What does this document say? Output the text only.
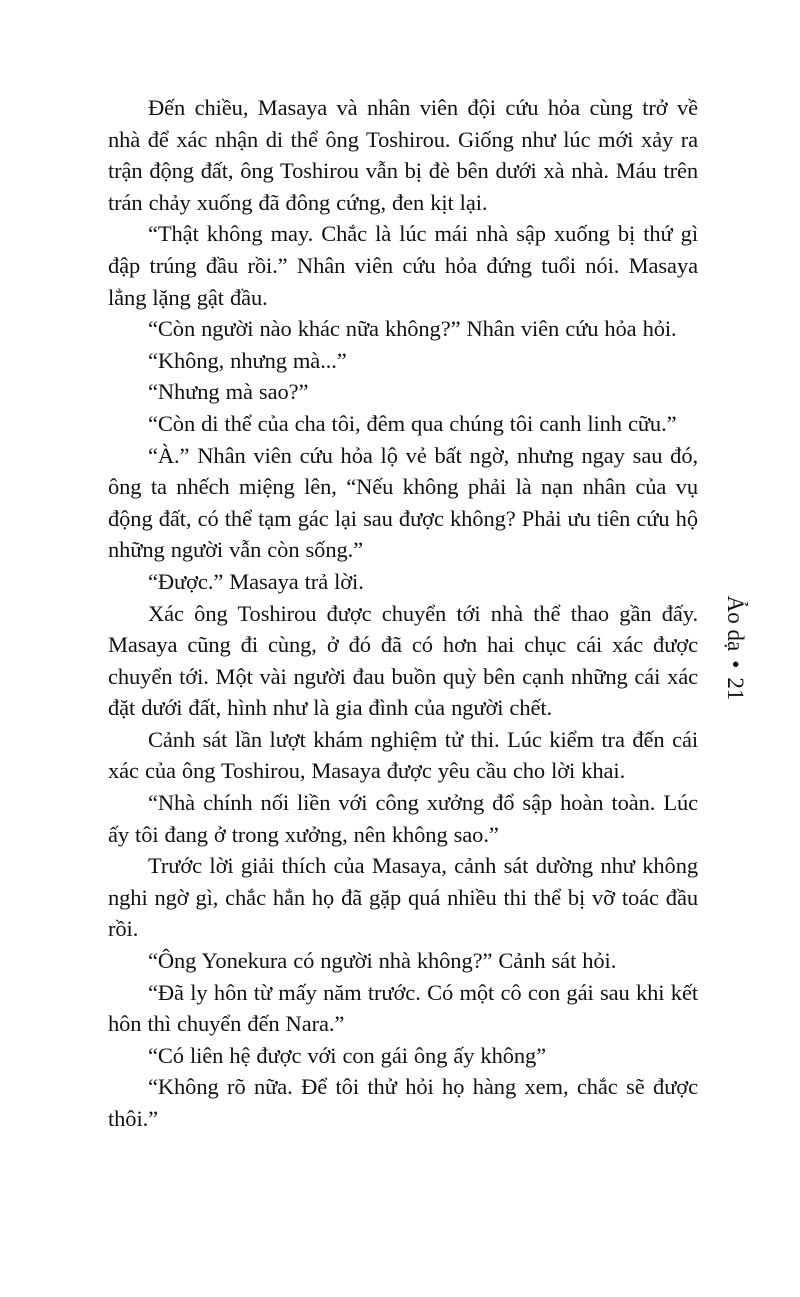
Đến chiều, Masaya và nhân viên đội cứu hỏa cùng trở về nhà để xác nhận di thể ông Toshirou. Giống như lúc mới xảy ra trận động đất, ông Toshirou vẫn bị đè bên dưới xà nhà. Máu trên trán chảy xuống đã đông cứng, đen kịt lại.

“Thật không may. Chắc là lúc mái nhà sập xuống bị thứ gì đập trúng đầu rồi.” Nhân viên cứu hỏa đứng tuổi nói. Masaya lẳng lặng gật đầu.

“Còn người nào khác nữa không?” Nhân viên cứu hỏa hỏi.

“Không, nhưng mà...”

“Nhưng mà sao?”

“Còn di thể của cha tôi, đêm qua chúng tôi canh linh cữu.”

“À.” Nhân viên cứu hỏa lộ vẻ bất ngờ, nhưng ngay sau đó, ông ta nhếch miệng lên, “Nếu không phải là nạn nhân của vụ động đất, có thể tạm gác lại sau được không? Phải ưu tiên cứu hộ những người vẫn còn sống.”

“Được.” Masaya trả lời.

Xác ông Toshirou được chuyển tới nhà thể thao gần đấy. Masaya cũng đi cùng, ở đó đã có hơn hai chục cái xác được chuyển tới. Một vài người đau buồn quỳ bên cạnh những cái xác đặt dưới đất, hình như là gia đình của người chết.

Cảnh sát lần lượt khám nghiệm tử thi. Lúc kiểm tra đến cái xác của ông Toshirou, Masaya được yêu cầu cho lời khai.

“Nhà chính nối liền với công xưởng đổ sập hoàn toàn. Lúc ấy tôi đang ở trong xưởng, nên không sao.”

Trước lời giải thích của Masaya, cảnh sát dường như không nghi ngờ gì, chắc hẳn họ đã gặp quá nhiều thi thể bị vỡ toác đầu rồi.

“Ông Yonekura có người nhà không?” Cảnh sát hỏi.

“Đã ly hôn từ mấy năm trước. Có một cô con gái sau khi kết hôn thì chuyển đến Nara.”

“Có liên hệ được với con gái ông ấy không”

“Không rõ nữa. Để tôi thử hỏi họ hàng xem, chắc sẽ được thôi.”

Ảo dạ•21
